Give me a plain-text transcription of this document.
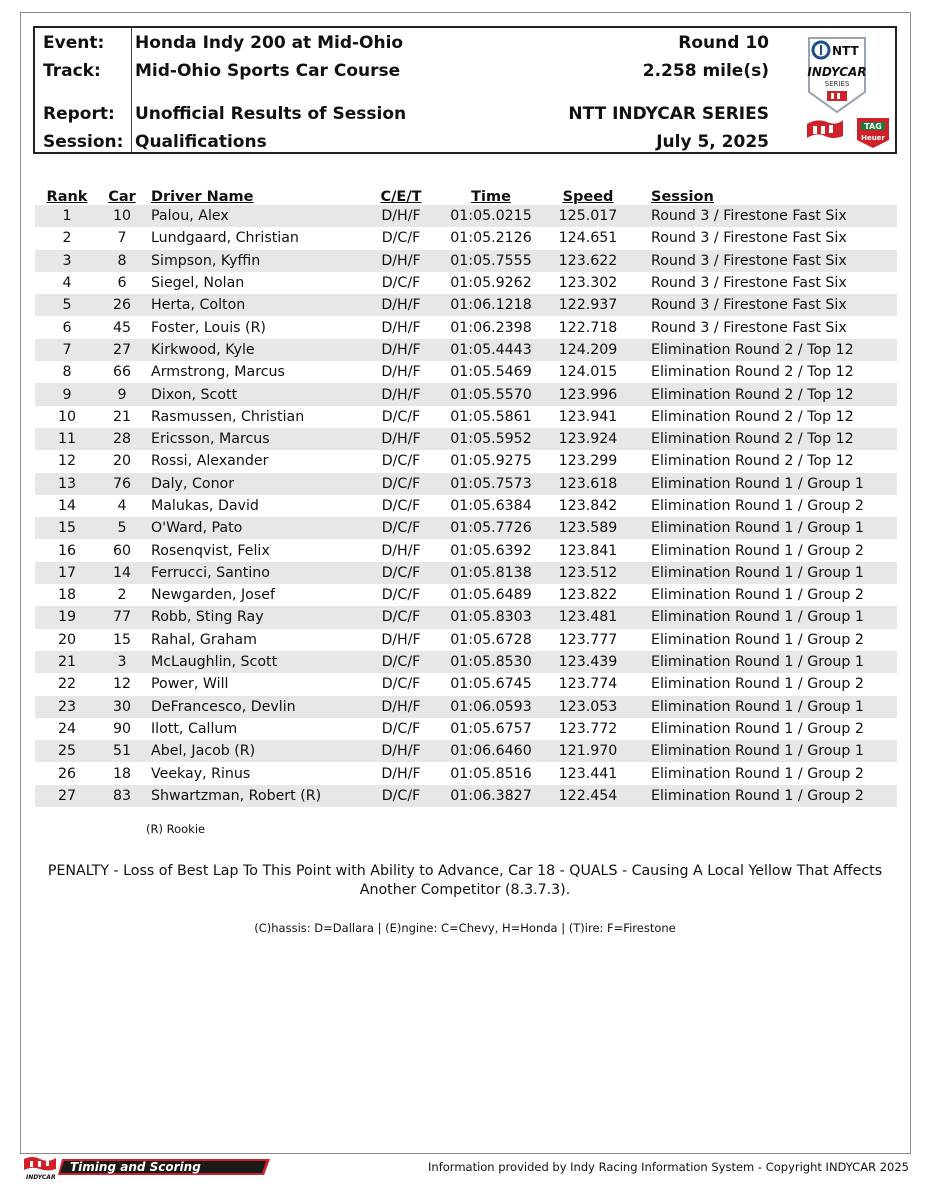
Event: Honda Indy 200 at Mid-Ohio	Round 10
Track: Mid-Ohio Sports Car Course	2.258 mile(s)
Report: Unofficial Results of Session	NTT INDYCAR SERIES
Session: Qualifications	July 5, 2025
NTT
INDYCAR
SERIES
TAG
Heuer
Rank	Car	Driver Name	C/E/T	Time	Speed	Session
1	10	Palou, Alex	D/H/F	01:05.0215	125.017	Round 3 / Firestone Fast Six
2	7	Lundgaard, Christian	D/C/F	01:05.2126	124.651	Round 3 / Firestone Fast Six
3	8	Simpson, Kyffin	D/H/F	01:05.7555	123.622	Round 3 / Firestone Fast Six
4	6	Siegel, Nolan	D/C/F	01:05.9262	123.302	Round 3 / Firestone Fast Six
5	26	Herta, Colton	D/H/F	01:06.1218	122.937	Round 3 / Firestone Fast Six
6	45	Foster, Louis (R)	D/H/F	01:06.2398	122.718	Round 3 / Firestone Fast Six
7	27	Kirkwood, Kyle	D/H/F	01:05.4443	124.209	Elimination Round 2 / Top 12
8	66	Armstrong, Marcus	D/H/F	01:05.5469	124.015	Elimination Round 2 / Top 12
9	9	Dixon, Scott	D/H/F	01:05.5570	123.996	Elimination Round 2 / Top 12
10	21	Rasmussen, Christian	D/C/F	01:05.5861	123.941	Elimination Round 2 / Top 12
11	28	Ericsson, Marcus	D/H/F	01:05.5952	123.924	Elimination Round 2 / Top 12
12	20	Rossi, Alexander	D/C/F	01:05.9275	123.299	Elimination Round 2 / Top 12
13	76	Daly, Conor	D/C/F	01:05.7573	123.618	Elimination Round 1 / Group 1
14	4	Malukas, David	D/C/F	01:05.6384	123.842	Elimination Round 1 / Group 2
15	5	O'Ward, Pato	D/C/F	01:05.7726	123.589	Elimination Round 1 / Group 1
16	60	Rosenqvist, Felix	D/H/F	01:05.6392	123.841	Elimination Round 1 / Group 2
17	14	Ferrucci, Santino	D/C/F	01:05.8138	123.512	Elimination Round 1 / Group 1
18	2	Newgarden, Josef	D/C/F	01:05.6489	123.822	Elimination Round 1 / Group 2
19	77	Robb, Sting Ray	D/C/F	01:05.8303	123.481	Elimination Round 1 / Group 1
20	15	Rahal, Graham	D/H/F	01:05.6728	123.777	Elimination Round 1 / Group 2
21	3	McLaughlin, Scott	D/C/F	01:05.8530	123.439	Elimination Round 1 / Group 1
22	12	Power, Will	D/C/F	01:05.6745	123.774	Elimination Round 1 / Group 2
23	30	DeFrancesco, Devlin	D/H/F	01:06.0593	123.053	Elimination Round 1 / Group 1
24	90	Ilott, Callum	D/C/F	01:05.6757	123.772	Elimination Round 1 / Group 2
25	51	Abel, Jacob (R)	D/H/F	01:06.6460	121.970	Elimination Round 1 / Group 1
26	18	Veekay, Rinus	D/H/F	01:05.8516	123.441	Elimination Round 1 / Group 2
27	83	Shwartzman, Robert (R)	D/C/F	01:06.3827	122.454	Elimination Round 1 / Group 2
(R) Rookie
PENALTY - Loss of Best Lap To This Point with Ability to Advance, Car 18 - QUALS - Causing A Local Yellow That Affects Another Competitor (8.3.7.3).
(C)hassis: D=Dallara | (E)ngine: C=Chevy, H=Honda | (T)ire: F=Firestone
INDYCAR
Timing and Scoring	Information provided by Indy Racing Information System - Copyright INDYCAR 2025
